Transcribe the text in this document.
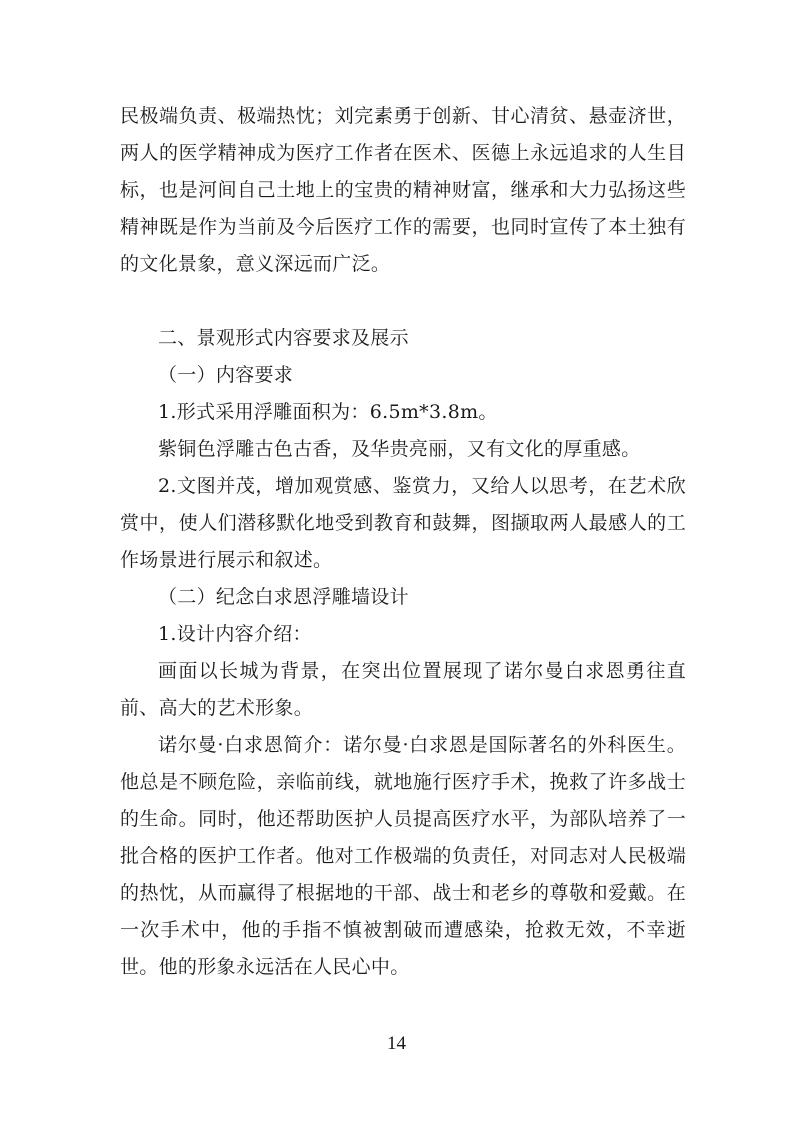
民极端负责、极端热忱；刘完素勇于创新、甘心清贫、悬壶济世，两人的医学精神成为医疗工作者在医术、医德上永远追求的人生目标，也是河间自己土地上的宝贵的精神财富，继承和大力弘扬这些精神既是作为当前及今后医疗工作的需要，也同时宣传了本土独有的文化景象，意义深远而广泛。

二、景观形式内容要求及展示

（一）内容要求

1.形式采用浮雕面积为：6.5m*3.8m。

紫铜色浮雕古色古香，及华贵亮丽，又有文化的厚重感。

2.文图并茂，增加观赏感、鉴赏力，又给人以思考，在艺术欣赏中，使人们潜移默化地受到教育和鼓舞，图撷取两人最感人的工作场景进行展示和叙述。

（二）纪念白求恩浮雕墙设计

1.设计内容介绍：

画面以长城为背景，在突出位置展现了诺尔曼白求恩勇往直前、高大的艺术形象。

诺尔曼·白求恩简介：诺尔曼·白求恩是国际著名的外科医生。他总是不顾危险，亲临前线，就地施行医疗手术，挽救了许多战士的生命。同时，他还帮助医护人员提高医疗水平，为部队培养了一批合格的医护工作者。他对工作极端的负责任，对同志对人民极端的热忱，从而赢得了根据地的干部、战士和老乡的尊敬和爱戴。在一次手术中，他的手指不慎被割破而遭感染，抢救无效，不幸逝世。他的形象永远活在人民心中。

14
